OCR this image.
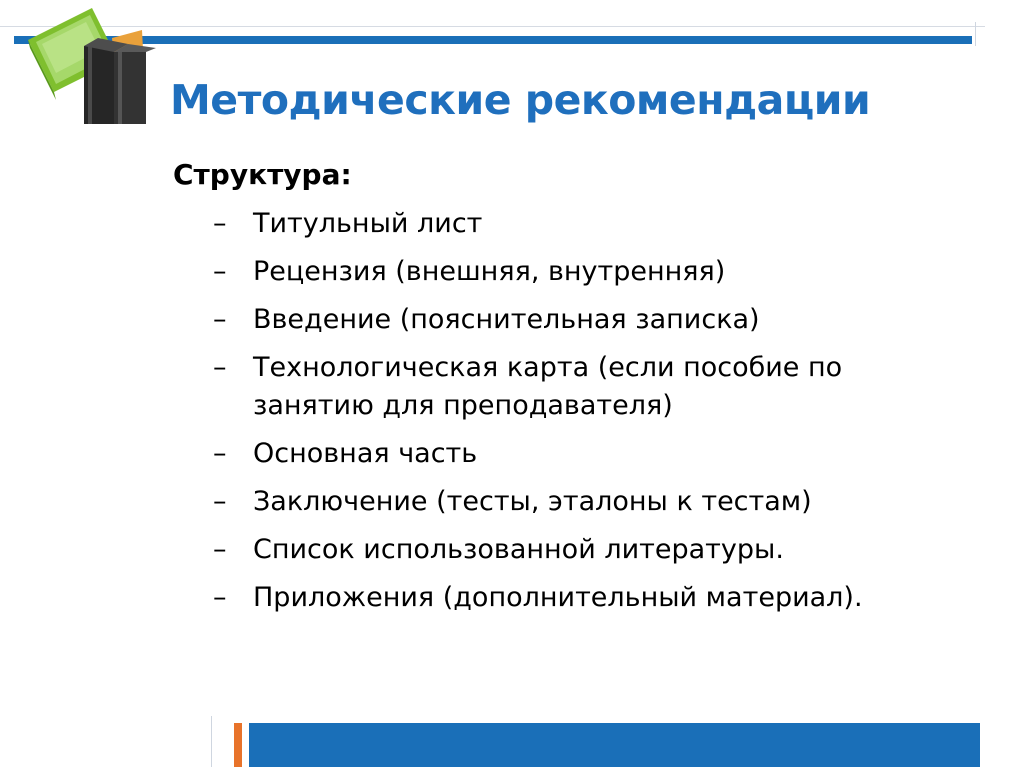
Методические рекомендации
Структура:
– Титульный лист
– Рецензия (внешняя, внутренняя)
– Введение (пояснительная записка)
– Технологическая карта (если пособие по занятию для преподавателя)
– Основная часть
– Заключение (тесты, эталоны к тестам)
– Список использованной литературы.
– Приложения (дополнительный материал).
